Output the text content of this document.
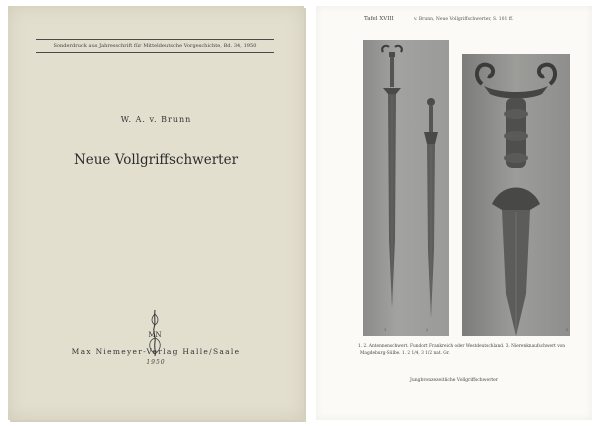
Sonderdruck aus Jahresschrift für Mitteldeutsche Vorgeschichte, Bd. 34, 1950
W. A. v. Brunn
Neue Vollgriffschwerter
MN
Max Niemeyer-Verlag Halle/Saale
1950
Tafel XVIII	v. Brunn, Neue Vollgriffschwerter, S. 101 ff.
1	2	3
1. 2. Antennenschwert. Fundort Frankreich oder Westdeutschland. 3. Nierenknaufschwert von
Magdeburg-Sülbe. 1. 2 1/4, 3 1/2 nat. Gr.
Jungbronzezeitliche Vollgriffschwerter
